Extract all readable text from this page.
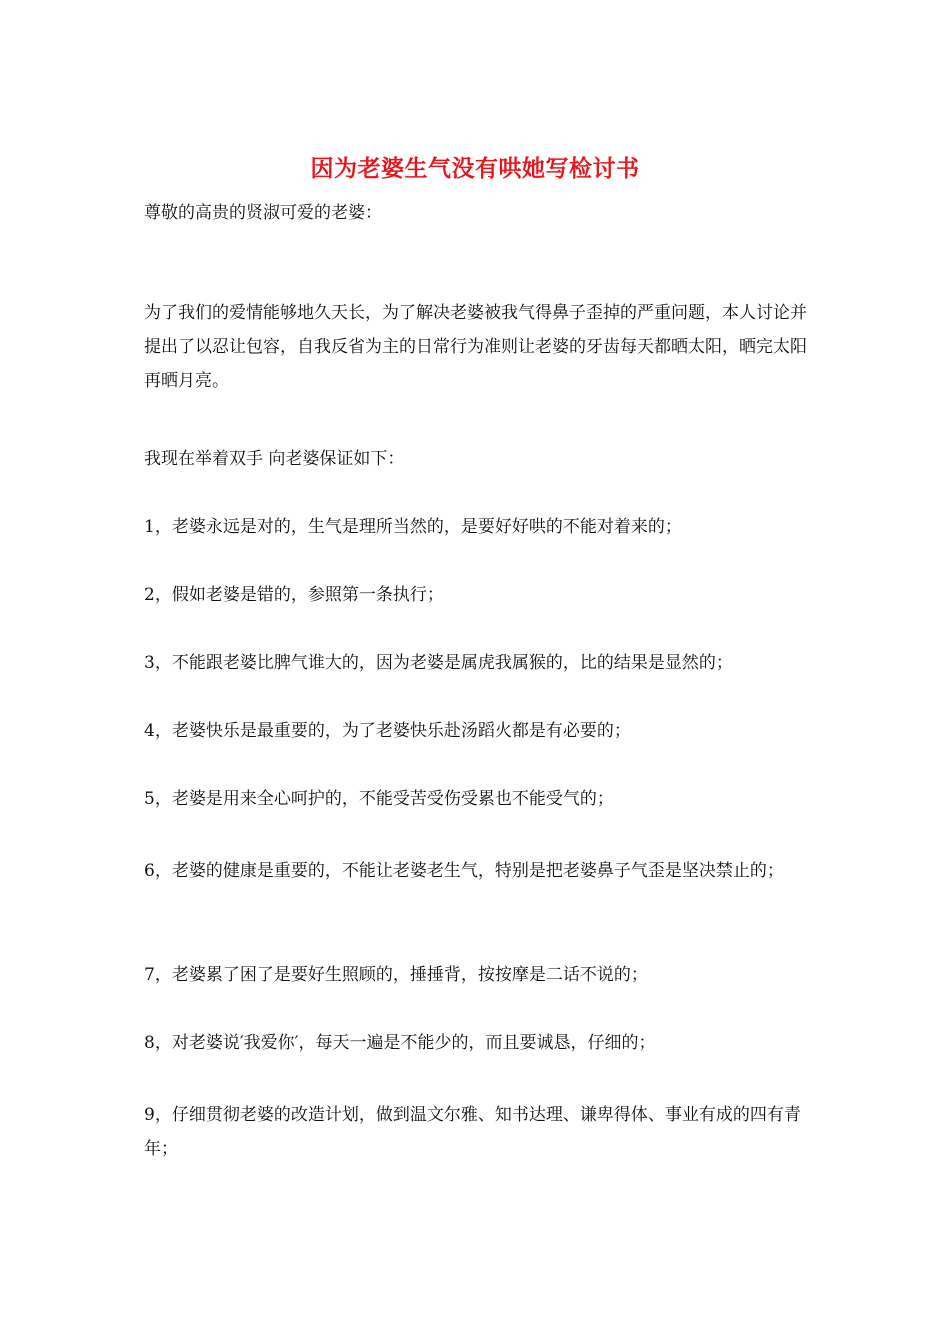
因为老婆生气没有哄她写检讨书

尊敬的高贵的贤淑可爱的老婆：

为了我们的爱情能够地久天长，为了解决老婆被我气得鼻子歪掉的严重问题，本人讨论并提出了以忍让包容，自我反省为主的日常行为准则让老婆的牙齿每天都晒太阳，晒完太阳再晒月亮。

我现在举着双手 向老婆保证如下：

1，老婆永远是对的，生气是理所当然的，是要好好哄的不能对着来的；

2，假如老婆是错的，参照第一条执行；

3，不能跟老婆比脾气谁大的，因为老婆是属虎我属猴的，比的结果是显然的；

4，老婆快乐是最重要的，为了老婆快乐赴汤蹈火都是有必要的；

5，老婆是用来全心呵护的，不能受苦受伤受累也不能受气的；

6，老婆的健康是重要的，不能让老婆老生气，特别是把老婆鼻子气歪是坚决禁止的；

7，老婆累了困了是要好生照顾的，捶捶背，按按摩是二话不说的；

8，对老婆说′我爱你′，每天一遍是不能少的，而且要诚恳，仔细的；

9，仔细贯彻老婆的改造计划，做到温文尔雅、知书达理、谦卑得体、事业有成的四有青年；
